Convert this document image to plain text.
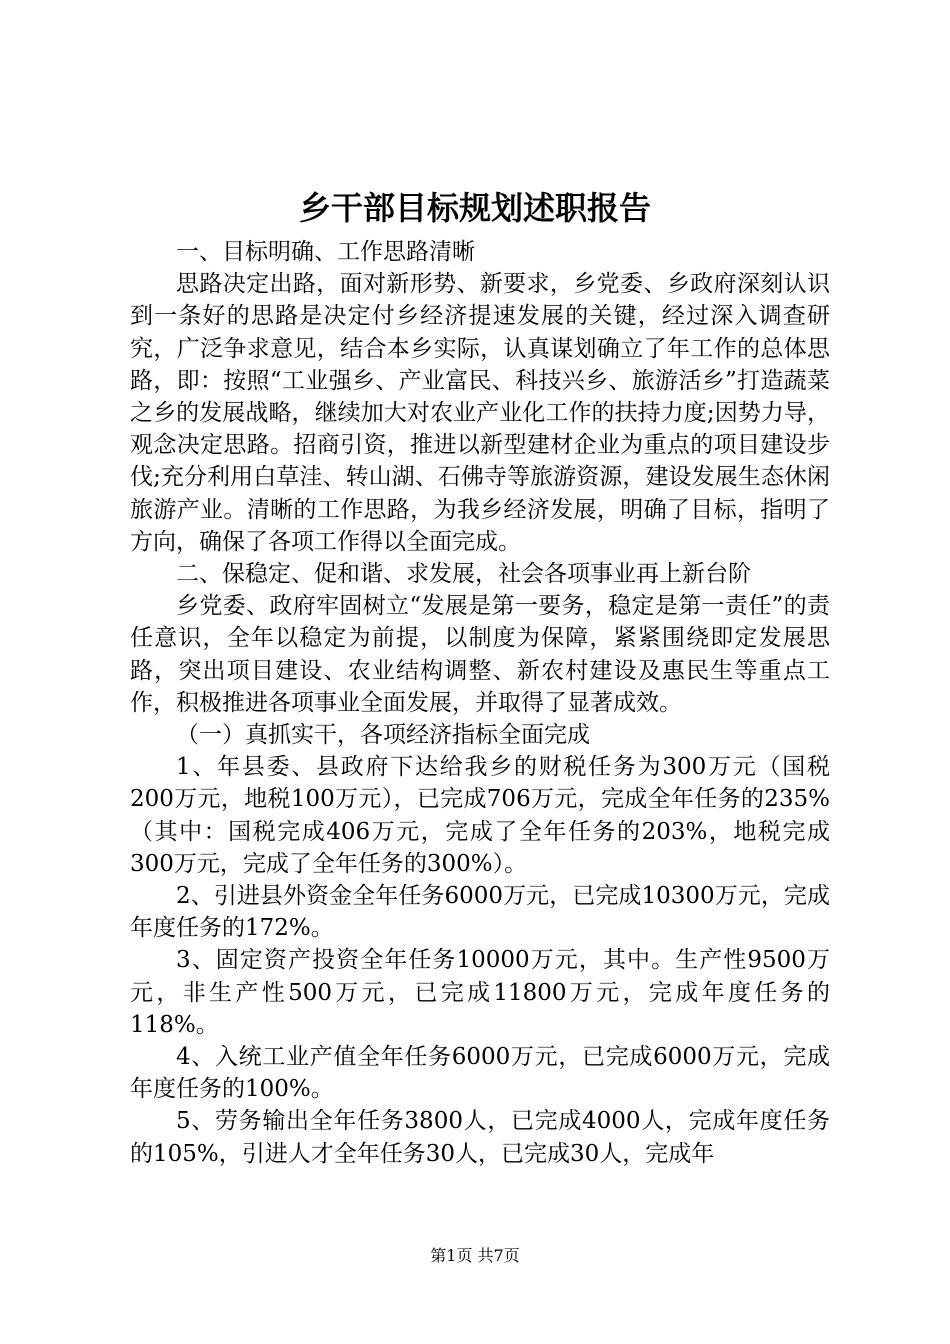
乡干部目标规划述职报告

一、目标明确、工作思路清晰

思路决定出路，面对新形势、新要求，乡党委、乡政府深刻认识到一条好的思路是决定付乡经济提速发展的关键，经过深入调查研究，广泛争求意见，结合本乡实际，认真谋划确立了年工作的总体思路，即：按照“工业强乡、产业富民、科技兴乡、旅游活乡”打造蔬菜之乡的发展战略，继续加大对农业产业化工作的扶持力度;因势力导，观念决定思路。招商引资，推进以新型建材企业为重点的项目建设步伐;充分利用白草洼、转山湖、石佛寺等旅游资源，建设发展生态休闲旅游产业。清晰的工作思路，为我乡经济发展，明确了目标，指明了方向，确保了各项工作得以全面完成。

二、保稳定、促和谐、求发展，社会各项事业再上新台阶

乡党委、政府牢固树立“发展是第一要务，稳定是第一责任”的责任意识，全年以稳定为前提，以制度为保障，紧紧围绕即定发展思路，突出项目建设、农业结构调整、新农村建设及惠民生等重点工作，积极推进各项事业全面发展，并取得了显著成效。

（一）真抓实干，各项经济指标全面完成

1、年县委、县政府下达给我乡的财税任务为300万元（国税200万元，地税100万元），已完成706万元，完成全年任务的235%（其中：国税完成406万元，完成了全年任务的203%，地税完成300万元，完成了全年任务的300%）。

2、引进县外资金全年任务6000万元，已完成10300万元，完成年度任务的172%。

3、固定资产投资全年任务10000万元，其中。生产性9500万元，非生产性500万元，已完成11800万元，完成年度任务的118%。

4、入统工业产值全年任务6000万元，已完成6000万元，完成年度任务的100%。

5、劳务输出全年任务3800人，已完成4000人，完成年度任务的105%，引进人才全年任务30人，已完成30人，完成年

第1页 共7页
